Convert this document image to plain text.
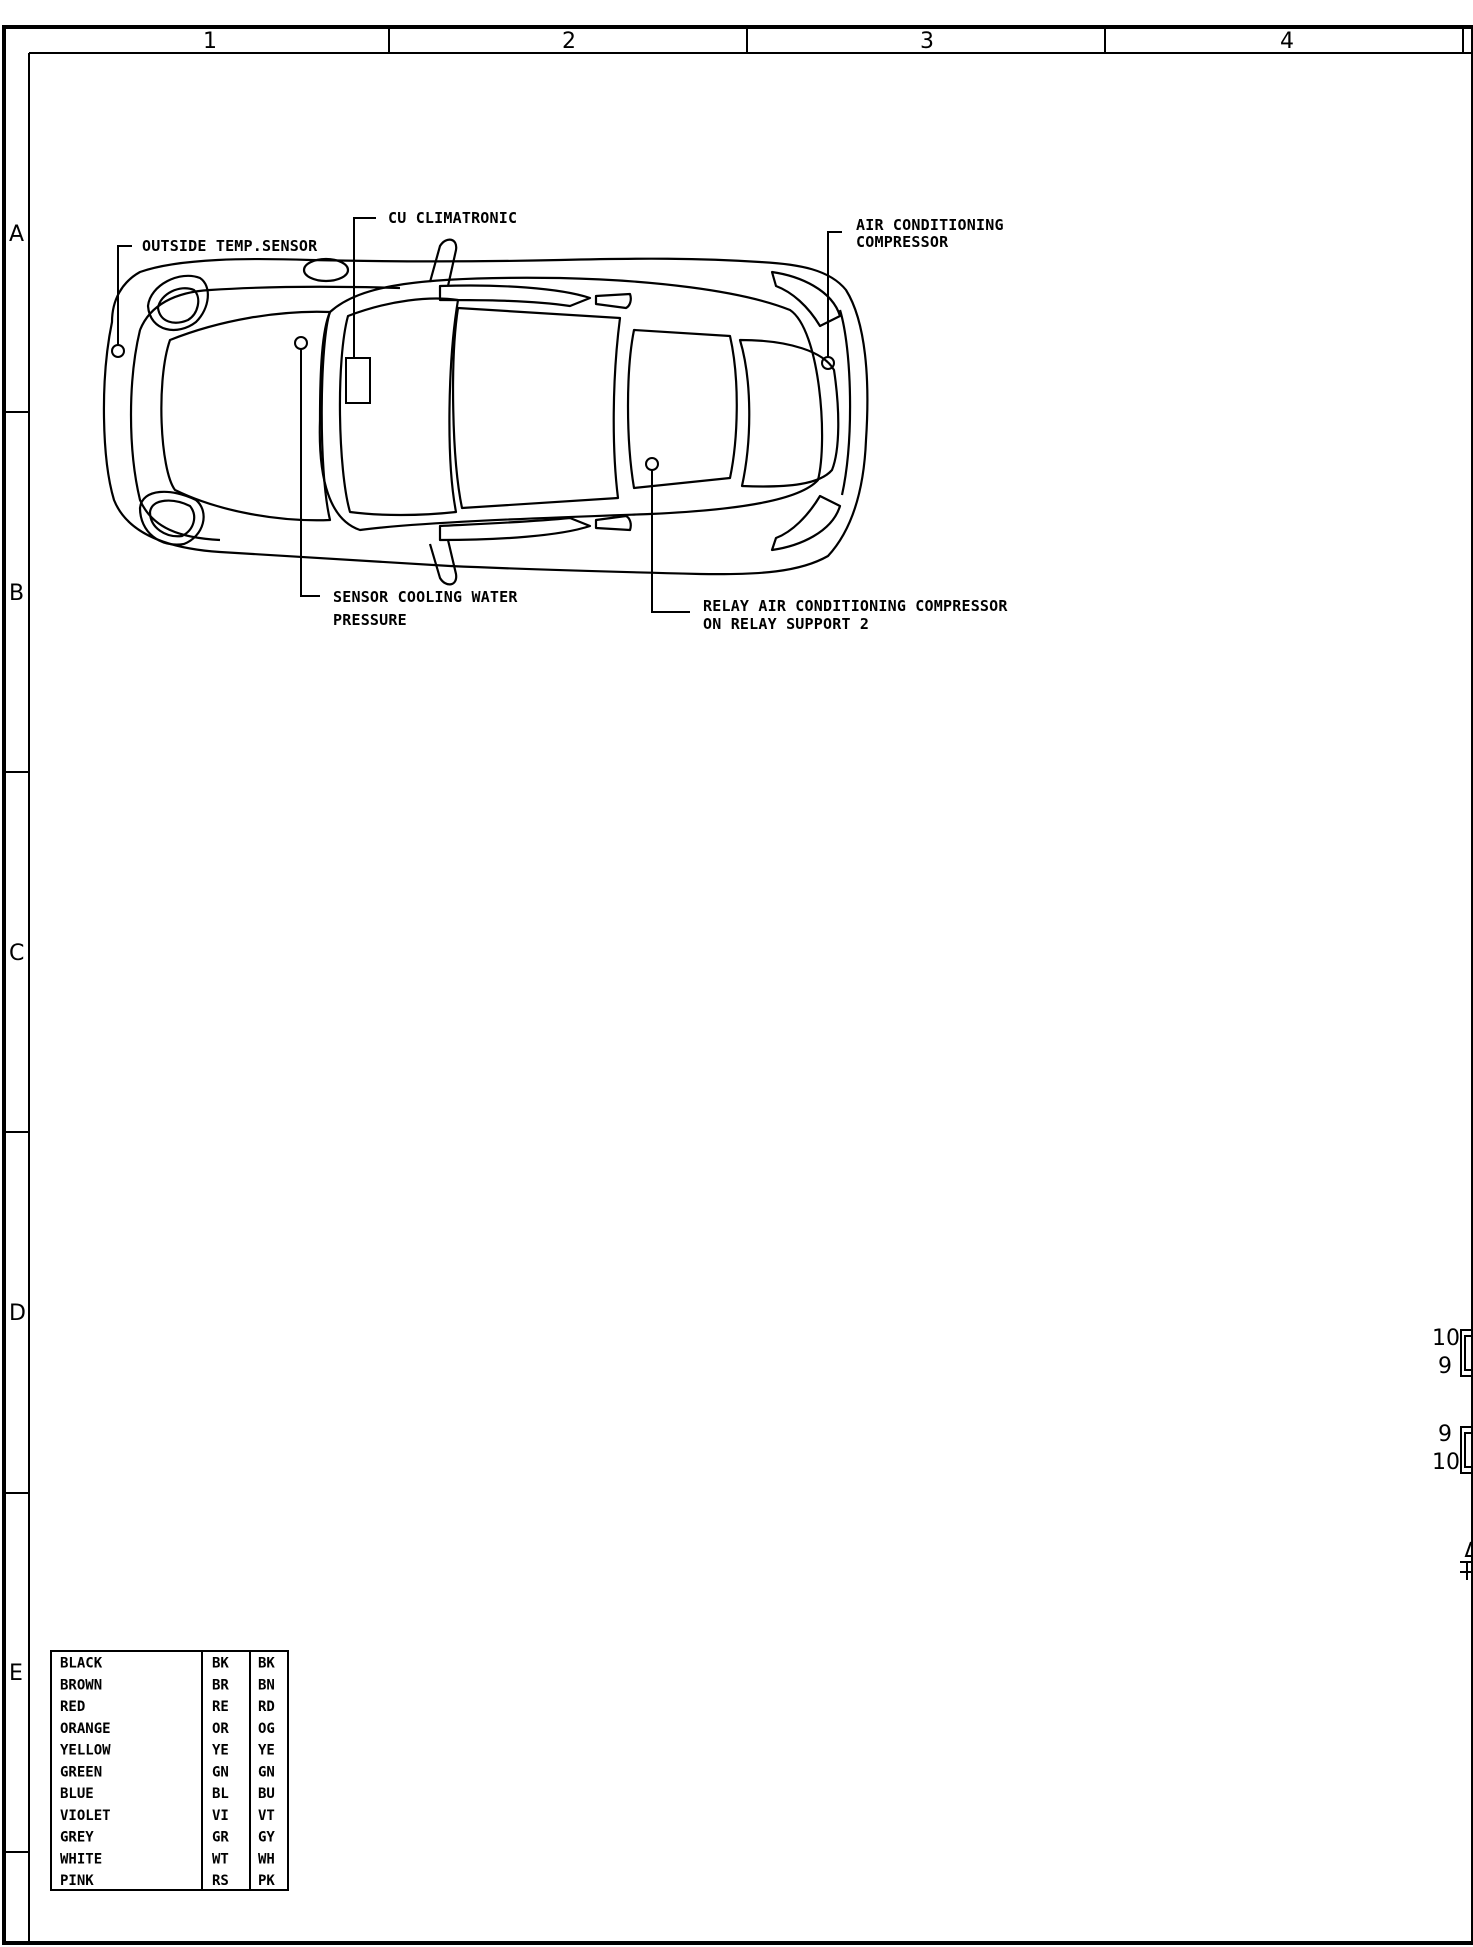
1	2	3	4
A
B
C
D
E
OUTSIDE TEMP.SENSOR
CU CLIMATRONIC	AIR CONDITIONING
COMPRESSOR
SENSOR COOLING WATER
PRESSURE
RELAY AIR CONDITIONING COMPRESSOR
ON RELAY SUPPORT 2
10
9
9
10
BLACK	BK BK
BROWN	BR BN
RED	RE RD
ORANGE	OR OG
YELLOW	YE YE
GREEN	GN GN
BLUE	BL BU
VIOLET	VI VT
GREY	GR GY
WHITE	WT WH
PINK	RS PK
